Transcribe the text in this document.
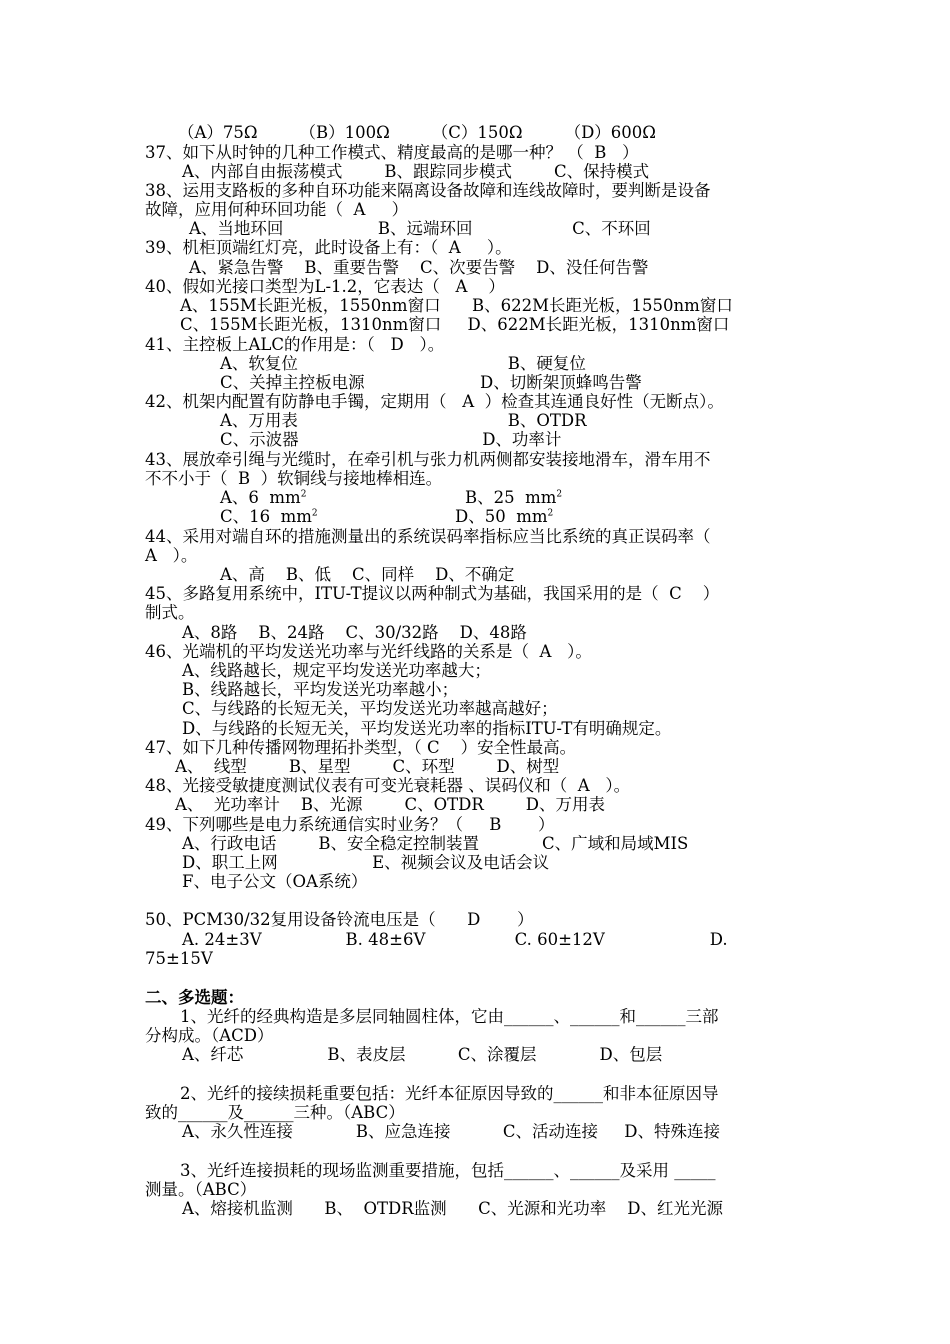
（A）75Ω        （B）100Ω        （C）150Ω        （D）600Ω
37、如下从时钟的几种工作模式、精度最高的是哪一种？ （  B   ）
A、内部自由振荡模式        B、跟踪同步模式        C、保持模式
38、运用支路板的多种自环功能来隔离设备故障和连线故障时，要判断是设备
故障，应用何种环回功能（  A     ）
A、当地环回                  B、远端环回                   C、不环回
39、机柜顶端红灯亮，此时设备上有：（  A     ）。
A、紧急告警    B、重要告警    C、次要告警    D、没任何告警
40、假如光接口类型为L-1.2，它表达（   A    ）
A、155M长距光板，1550nm窗口      B、622M长距光板，1550nm窗口
C、155M长距光板，1310nm窗口     D、622M长距光板，1310nm窗口
41、主控板上ALC的作用是：（   D   ）。
A、软复位                                        B、硬复位
C、关掉主控板电源                      D、切断架顶蜂鸣告警
42、机架内配置有防静电手镯，定期用（   A  ）检查其连通良好性（无断点）。
A、万用表                                        B、OTDR
C、示波器                                   D、功率计
43、展放牵引绳与光缆时，在牵引机与张力机两侧都安装接地滑车，滑车用不
不不小于（  B  ）软铜线与接地棒相连。
A、6  $mm^2$	B、25  $mm^2$
C、16  $mm^2$	D、50  $mm^2$
44、采用对端自环的措施测量出的系统误码率指标应当比系统的真正误码率（
A   ）。
A、高    B、低    C、同样    D、不确定
45、多路复用系统中，ITU-T提议以两种制式为基础，我国采用的是（  C    ）
制式。
A、8路    B、24路    C、30/32路    D、48路
46、光端机的平均发送光功率与光纤线路的关系是（  A   ）。
A、线路越长，规定平均发送光功率越大；
B、线路越长，平均发送光功率越小；
C、与线路的长短无关，平均发送光功率越高越好；
D、与线路的长短无关，平均发送光功率的指标ITU-T有明确规定。
47、如下几种传播网物理拓扑类型，（ C    ）安全性最高。
A、  线型        B、星型        C、环型        D、树型
48、光接受敏捷度测试仪表有可变光衰耗器 、误码仪和（  A   ）。
A、  光功率计    B、光源        C、OTDR        D、万用表
49、下列哪些是电力系统通信实时业务？（     B       ）
A、行政电话        B、安全稳定控制装置            C、广域和局域MIS
D、职工上网                  E、视频会议及电话会议
F、电子公文（OA系统）
50、PCM30/32复用设备铃流电压是（      D       ）
A. 24±3V                B. 48±6V                 C. 60±12V                    D.
75±15V
二、多选题：
1、光纤的经典构造是多层同轴圆柱体，它由______、______和______三部
分构成。（ACD）
A、纤芯                B、表皮层          C、涂覆层            D、包层
2、光纤的接续损耗重要包括：光纤本征原因导致的______和非本征原因导
致的______及______三种。（ABC）
A、永久性连接            B、应急连接          C、活动连接     D、特殊连接
3、光纤连接损耗的现场监测重要措施，包括______、______及采用 _____
测量。（ABC）
A、熔接机监测      B、  OTDR监测      C、光源和光功率    D、红光光源
